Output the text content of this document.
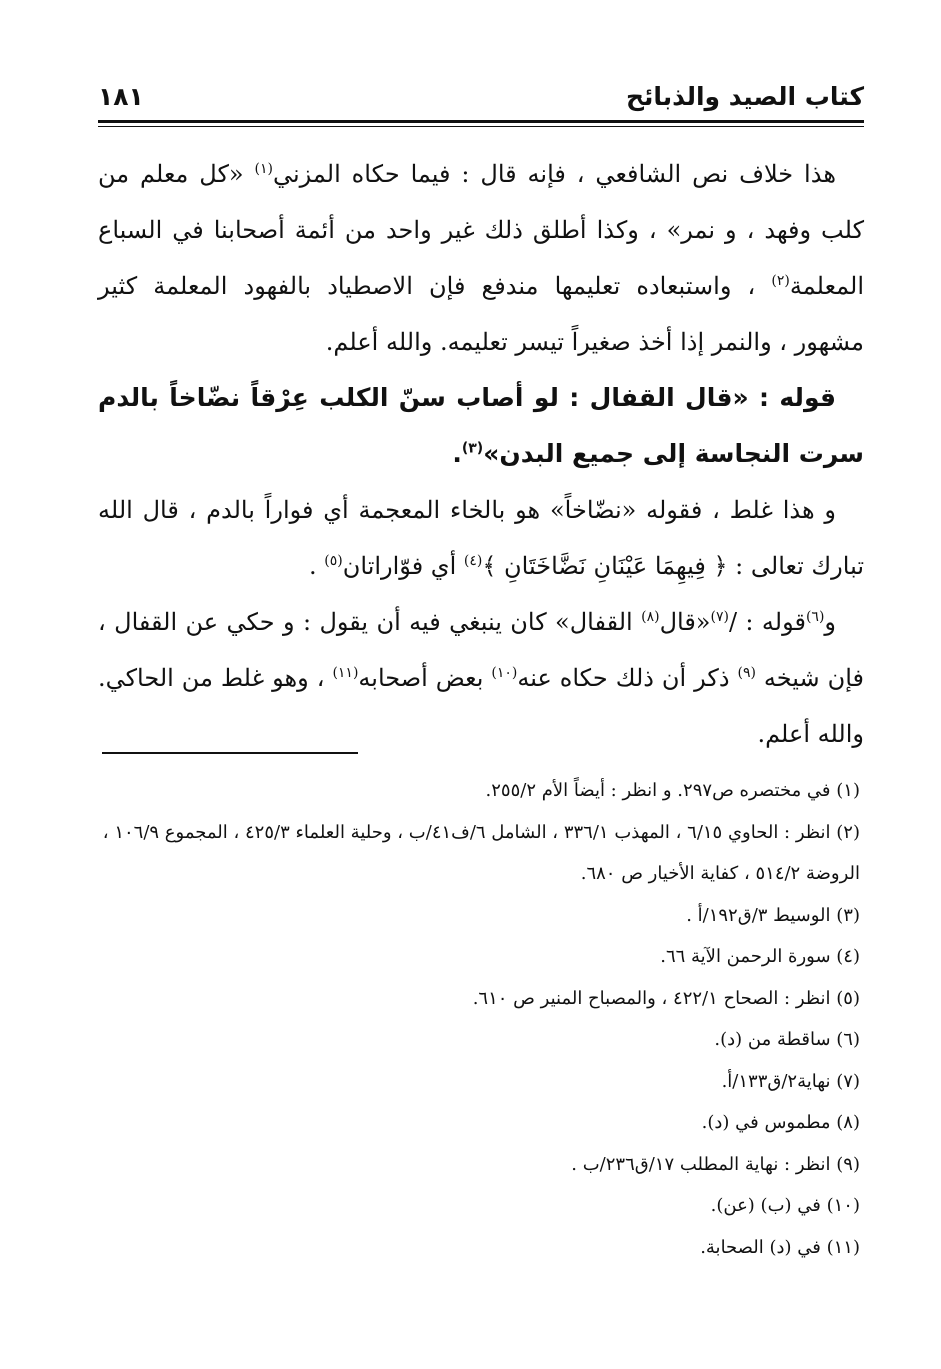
كتاب الصيد والذبائح
١٨١

هذا خلاف نص الشافعي ، فإنه قال : فيما حكاه المزني$^{(١)}$ «كل معلم من كلب وفهد ، و نمر» ، وكذا أطلق ذلك غير واحد من أئمة أصحابنا في السباع المعلمة$^{(٢)}$ ، واستبعاده تعليمها مندفع فإن الاصطياد بالفهود المعلمة كثير مشهور ، والنمر إذا أخذ صغيراً تيسر تعليمه. والله أعلم.

قوله : «قال القفال : لو أصاب سنّ الكلب عِرْقاً نضّاخاً بالدم سرت النجاسة إلى جميع البدن»$^{(٣)}$.

و هذا غلط ، فقوله «نضّاخاً» هو بالخاء المعجمة أي فواراً بالدم ، قال الله تبارك تعالى : ﴿ فِيهِمَا عَيْنَانِ نَضَّاخَتَانِ ﴾$^{(٤)}$ أي فوّاراتان$^{(٥)}$ .

و$^{(٦)}$قوله : /$^{(٧)}$«قال$^{(٨)}$ القفال» كان ينبغي فيه أن يقول : و حكي عن القفال ، فإن شيخه $^{(٩)}$ ذكر أن ذلك حكاه عنه$^{(١٠)}$ بعض أصحابه$^{(١١)}$ ، وهو غلط من الحاكي. والله أعلم.

(١) في مختصره ص٢٩٧. و انظر : أيضاً الأم ٢٥٥/٢.

(٢) انظر : الحاوي ٦/١٥ ، المهذب ٣٣٦/١ ، الشامل ٦/ف٤١/ب ، وحلية العلماء ٤٢٥/٣ ، المجموع ١٠٦/٩ ، الروضة ٥١٤/٢ ، كفاية الأخيار ص ٦٨٠.

(٣) الوسيط ٣/ق١٩٢/أ .

(٤) سورة الرحمن الآية ٦٦.

(٥) انظر : الصحاح ٤٢٢/١ ، والمصباح المنير ص ٦١٠.

(٦) ساقطة من (د).

(٧) نهاية٢/ق١٣٣/أ.

(٨) مطموس في (د).

(٩) انظر : نهاية المطلب ١٧/ق٢٣٦/ب .

(١٠) في (ب) (عن).

(١١) في (د) الصحابة.
